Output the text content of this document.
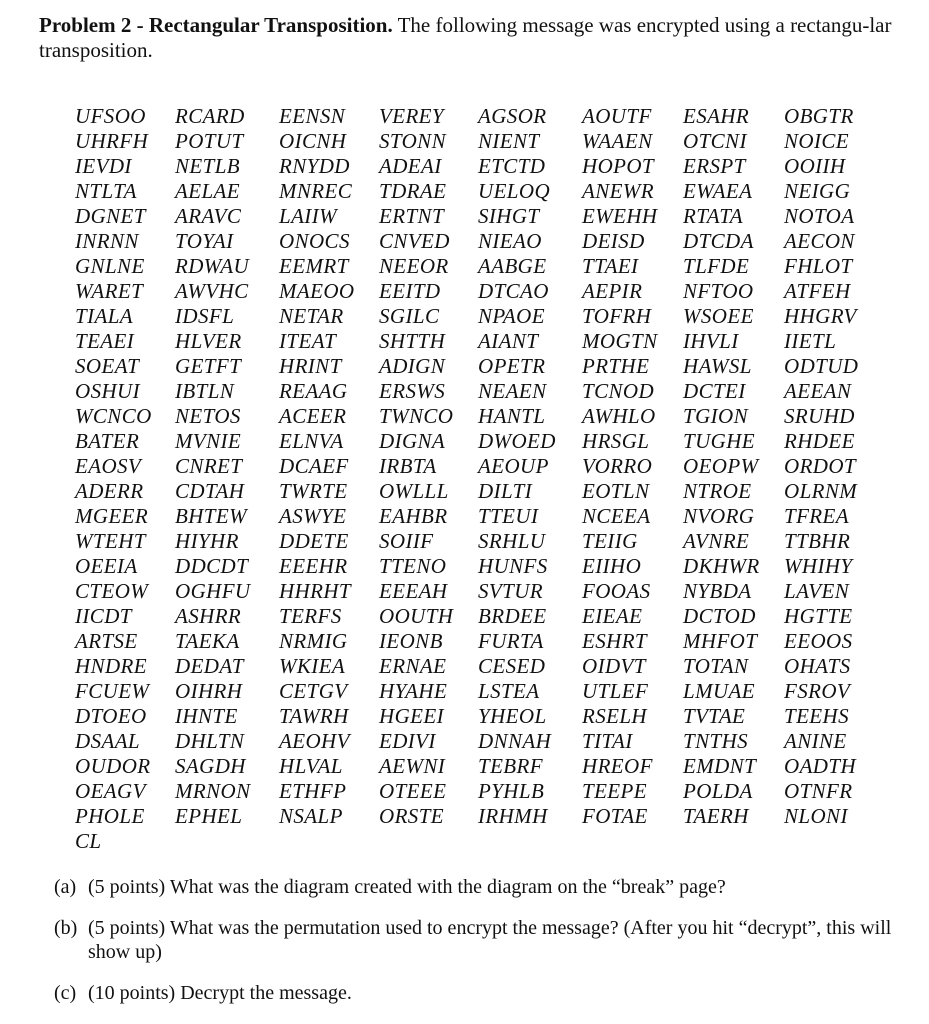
Problem 2 - Rectangular Transposition. The following message was encrypted using a rectangu-lar transposition.
UFSOO RCARD EENSN VEREY AGSOR AOUTF ESAHR OBGTR
UHRFH POTUT OICNH STONN NIENT WAAEN OTCNI NOICE
IEVDI NETLB RNYDD ADEAI ETCTD HOPOT ERSPT OOIIH
NTLTA AELAE MNREC TDRAE UELOQ ANEWR EWAEA NEIGG
DGNET ARAVC LAIIW ERTNT SIHGT EWEHH RTATA NOTOA
INRNN TOYAI ONOCS CNVED NIEAO DEISD DTCDA AECON
GNLNE RDWAU EEMRT NEEOR AABGE TTAEI TLFDE FHLOT
WARET AWVHC MAEOO EEITD DTCAO AEPIR NFTOO ATFEH
TIALA IDSFL NETAR SGILC NPAOE TOFRH WSOEE HHGRV
TEAEI HLVER ITEAT SHTTH AIANT MOGTN IHVLI IIETL
SOEAT GETFT HRINT ADIGN OPETR PRTHE HAWSL ODTUD
OSHUI IBTLN REAAG ERSWS NEAEN TCNOD DCTEI AEEAN
WCNCO NETOS ACEER TWNCO HANTL AWHLO TGION SRUHD
BATER MVNIE ELNVA DIGNA DWOED HRSGL TUGHE RHDEE
EAOSV CNRET DCAEF IRBTA AEOUP VORRO OEOPW ORDOT
ADERR CDTAH TWRTE OWLLL DILTI EOTLN NTROE OLRNM
MGEER BHTEW ASWYE EAHBR TTEUI NCEEA NVORG TFREA
WTEHT HIYHR DDETE SOIIF SRHLU TEIIG AVNRE TTBHR
OEEIA DDCDT EEEHR TTENO HUNFS EIIHO DKHWR WHIHY
CTEOW OGHFU HHRHT EEEAH SVTUR FOOAS NYBDA LAVEN
IICDT ASHRR TERFS OOUTH BRDEE EIEAE DCTOD HGTTE
ARTSE TAEKA NRMIG IEONB FURTA ESHRT MHFOT EEOOS
HNDRE DEDAT WKIEA ERNAE CESED OIDVT TOTAN OHATS
FCUEW OIHRH CETGV HYAHE LSTEA UTLEF LMUAE FSROV
DTOEO IHNTE TAWRH HGEEI YHEOL RSELH TVTAE TEEHS
DSAAL DHLTN AEOHV EDIVI DNNAH TITAI TNTHS ANINE
OUDOR SAGDH HLVAL AEWNI TEBRF HREOF EMDNT OADTH
OEAGV MRNON ETHFP OTEEE PYHLB TEEPE POLDA OTNFR
PHOLE EPHEL NSALP ORSTE IRHMH FOTAE TAERH NLONI
CL
(a) (5 points) What was the diagram created with the diagram on the “break” page?
(b) (5 points) What was the permutation used to encrypt the message? (After you hit “decrypt”, this will show up)
(c) (10 points) Decrypt the message.
